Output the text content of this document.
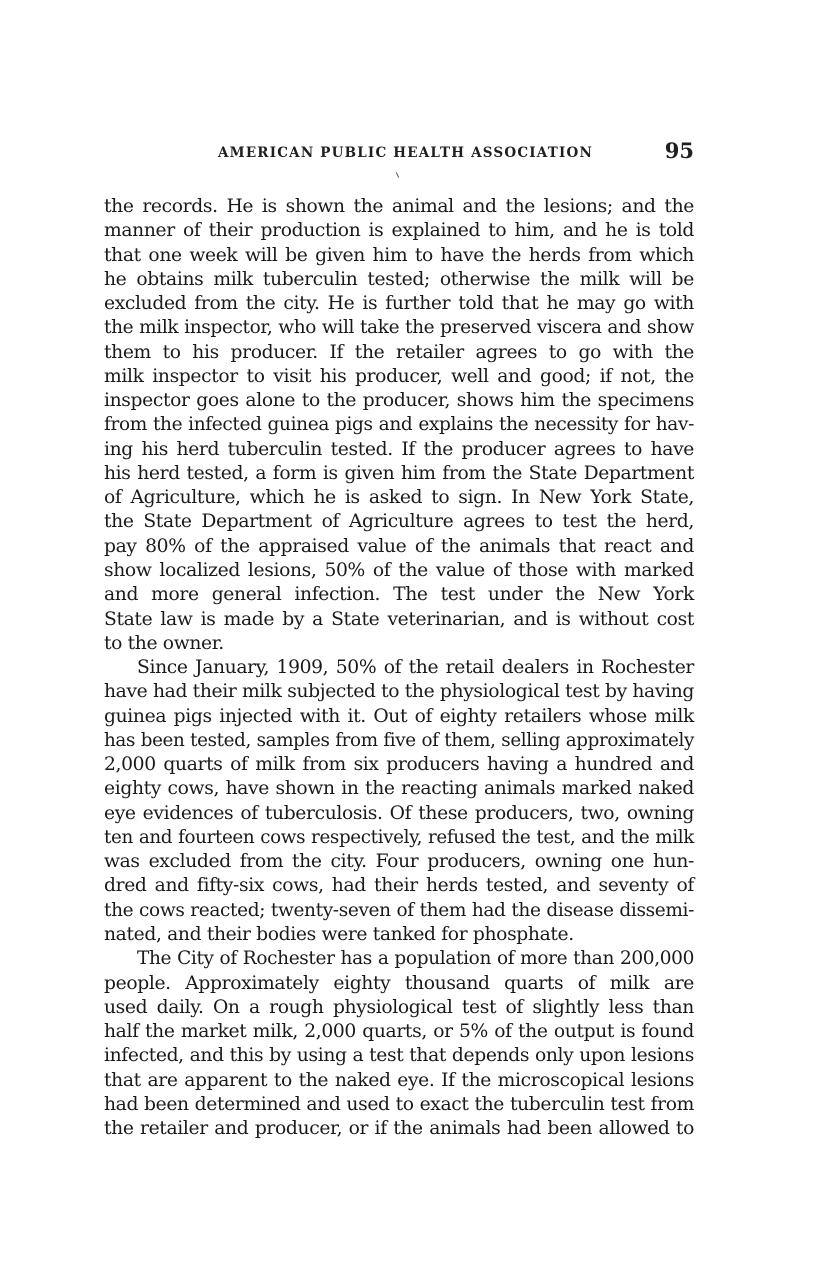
AMERICAN PUBLIC HEALTH ASSOCIATION	95
the records. He is shown the animal and the lesions; and the
manner of their production is explained to him, and he is told
that one week will be given him to have the herds from which
he obtains milk tuberculin tested; otherwise the milk will be
excluded from the city. He is further told that he may go with
the milk inspector, who will take the preserved viscera and show
them to his producer. If the retailer agrees to go with the
milk inspector to visit his producer, well and good; if not, the
inspector goes alone to the producer, shows him the specimens
from the infected guinea pigs and explains the necessity for hav-
ing his herd tuberculin tested. If the producer agrees to have
his herd tested, a form is given him from the State Department
of Agriculture, which he is asked to sign. In New York State,
the State Department of Agriculture agrees to test the herd,
pay 80% of the appraised value of the animals that react and
show localized lesions, 50% of the value of those with marked
and more general infection. The test under the New York
State law is made by a State veterinarian, and is without cost
to the owner.
Since January, 1909, 50% of the retail dealers in Rochester
have had their milk subjected to the physiological test by having
guinea pigs injected with it. Out of eighty retailers whose milk
has been tested, samples from five of them, selling approximately
2,000 quarts of milk from six producers having a hundred and
eighty cows, have shown in the reacting animals marked naked
eye evidences of tuberculosis. Of these producers, two, owning
ten and fourteen cows respectively, refused the test, and the milk
was excluded from the city. Four producers, owning one hun-
dred and fifty-six cows, had their herds tested, and seventy of
the cows reacted; twenty-seven of them had the disease dissemi-
nated, and their bodies were tanked for phosphate.
The City of Rochester has a population of more than 200,000
people. Approximately eighty thousand quarts of milk are
used daily. On a rough physiological test of slightly less than
half the market milk, 2,000 quarts, or 5% of the output is found
infected, and this by using a test that depends only upon lesions
that are apparent to the naked eye. If the microscopical lesions
had been determined and used to exact the tuberculin test from
the retailer and producer, or if the animals had been allowed to
